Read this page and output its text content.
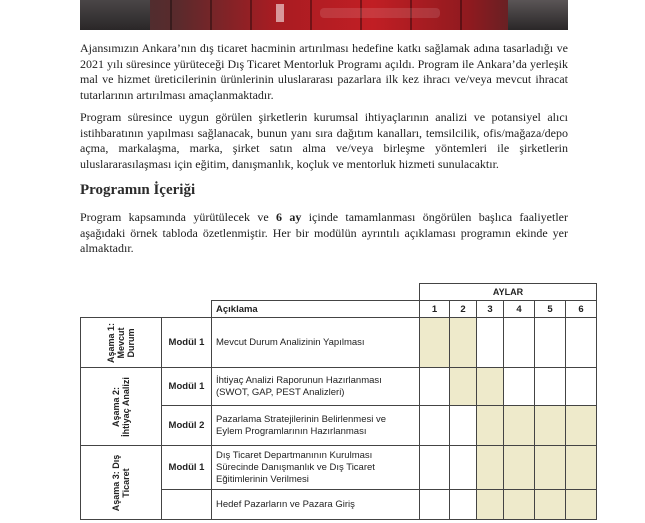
Ajansımızın Ankara’nın dış ticaret hacminin artırılması hedefine katkı sağlamak adına tasarladığı ve 2021 yılı süresince yürüteceği Dış Ticaret Mentorluk Programı açıldı. Program ile Ankara’da yerleşik mal ve hizmet üreticilerinin ürünlerinin uluslararası pazarlara ilk kez ihracı ve/veya mevcut ihracat tutarlarının artırılması amaçlanmaktadır.

Program süresince uygun görülen şirketlerin kurumsal ihtiyaçlarının analizi ve potansiyel alıcı istihbaratının yapılması sağlanacak, bunun yanı sıra dağıtım kanalları, temsilcilik, ofis/mağaza/depo açma, markalaşma, marka, şirket satın alma ve/veya birleşme yöntemleri ile şirketlerin uluslararasılaşması için eğitim, danışmanlık, koçluk ve mentorluk hizmeti sunulacaktır.

Programın İçeriği

Program kapsamında yürütülecek ve 6 ay içinde tamamlanması öngörülen başlıca faaliyetler aşağıdaki örnek tabloda özetlenmiştir. Her bir modülün ayrıntılı açıklaması programın ekinde yer almaktadır.

			AYLAR					
		Açıklama	1	2	3	4	5	6
Aşama 1: Mevcut Durum	Modül 1	Mevcut Durum Analizinin Yapılması						
Aşama 2: İhtiyaç Analizi	Modül 1	İhtiyaç Analizi Raporunun Hazırlanması (SWOT, GAP, PEST Analizleri)						
	Modül 2	Pazarlama Stratejilerinin Belirlenmesi ve Eylem Programlarının Hazırlanması						
Aşama 3: Dış Ticaret	Modül 1	Dış Ticaret Departmanının Kurulması Sürecinde Danışmanlık ve Dış Ticaret Eğitimlerinin Verilmesi						
		Hedef Pazarların ve Pazara Giriş						
